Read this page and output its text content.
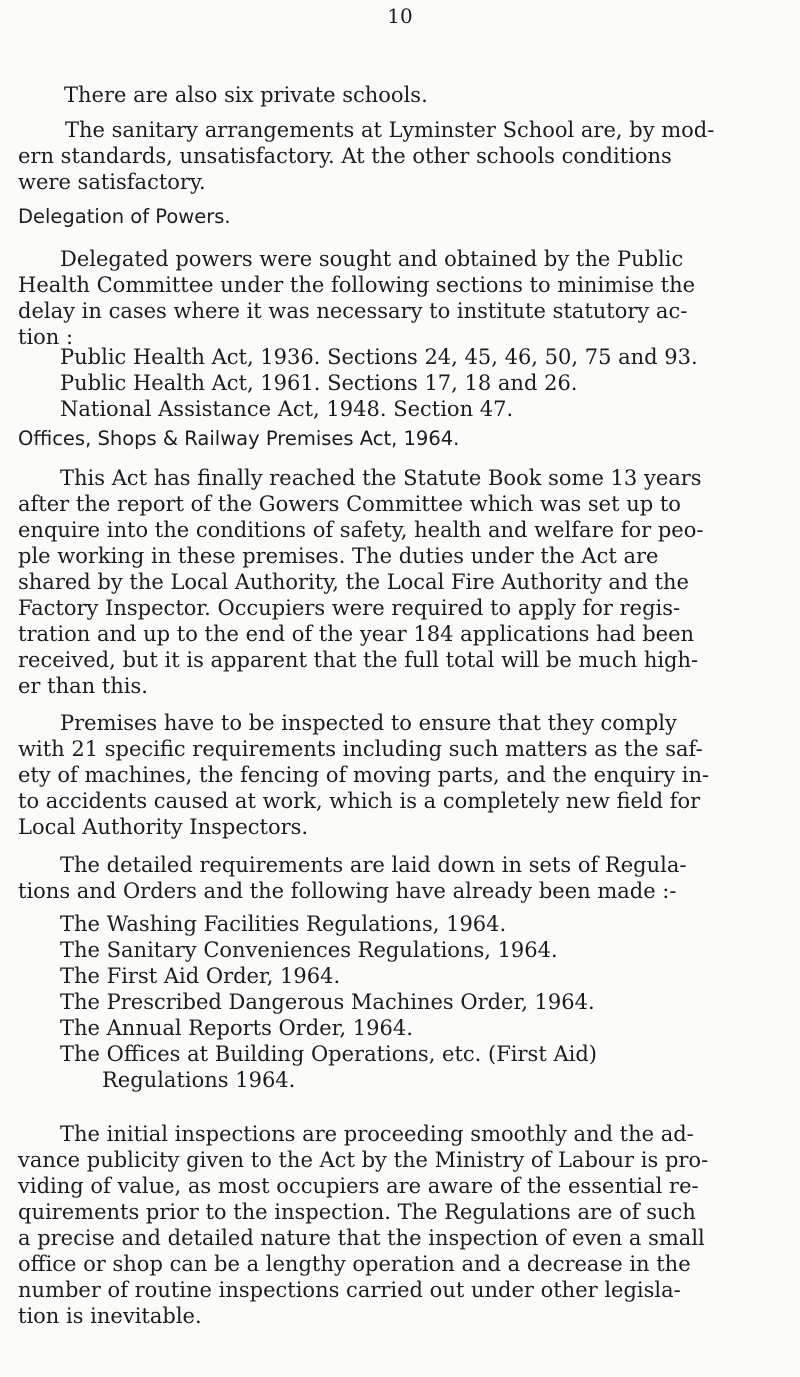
10
There are also six private schools.
The sanitary arrangements at Lyminster School are, by mod-
ern standards, unsatisfactory. At the other schools conditions
were satisfactory.
Delegation of Powers.
Delegated powers were sought and obtained by the Public
Health Committee under the following sections to minimise the
delay in cases where it was necessary to institute statutory ac-
tion :
Public Health Act, 1936. Sections 24, 45, 46, 50, 75 and 93.
Public Health Act, 1961. Sections 17, 18 and 26.
National Assistance Act, 1948. Section 47.
Offices, Shops & Railway Premises Act, 1964.
This Act has finally reached the Statute Book some 13 years
after the report of the Gowers Committee which was set up to
enquire into the conditions of safety, health and welfare for peo-
ple working in these premises. The duties under the Act are
shared by the Local Authority, the Local Fire Authority and the
Factory Inspector. Occupiers were required to apply for regis-
tration and up to the end of the year 184 applications had been
received, but it is apparent that the full total will be much high-
er than this.
Premises have to be inspected to ensure that they comply
with 21 specific requirements including such matters as the saf-
ety of machines, the fencing of moving parts, and the enquiry in-
to accidents caused at work, which is a completely new field for
Local Authority Inspectors.
The detailed requirements are laid down in sets of Regula-
tions and Orders and the following have already been made :-
The Washing Facilities Regulations, 1964.
The Sanitary Conveniences Regulations, 1964.
The First Aid Order, 1964.
The Prescribed Dangerous Machines Order, 1964.
The Annual Reports Order, 1964.
The Offices at Building Operations, etc. (First Aid)
Regulations 1964.
The initial inspections are proceeding smoothly and the ad-
vance publicity given to the Act by the Ministry of Labour is pro-
viding of value, as most occupiers are aware of the essential re-
quirements prior to the inspection. The Regulations are of such
a precise and detailed nature that the inspection of even a small
office or shop can be a lengthy operation and a decrease in the
number of routine inspections carried out under other legisla-
tion is inevitable.
